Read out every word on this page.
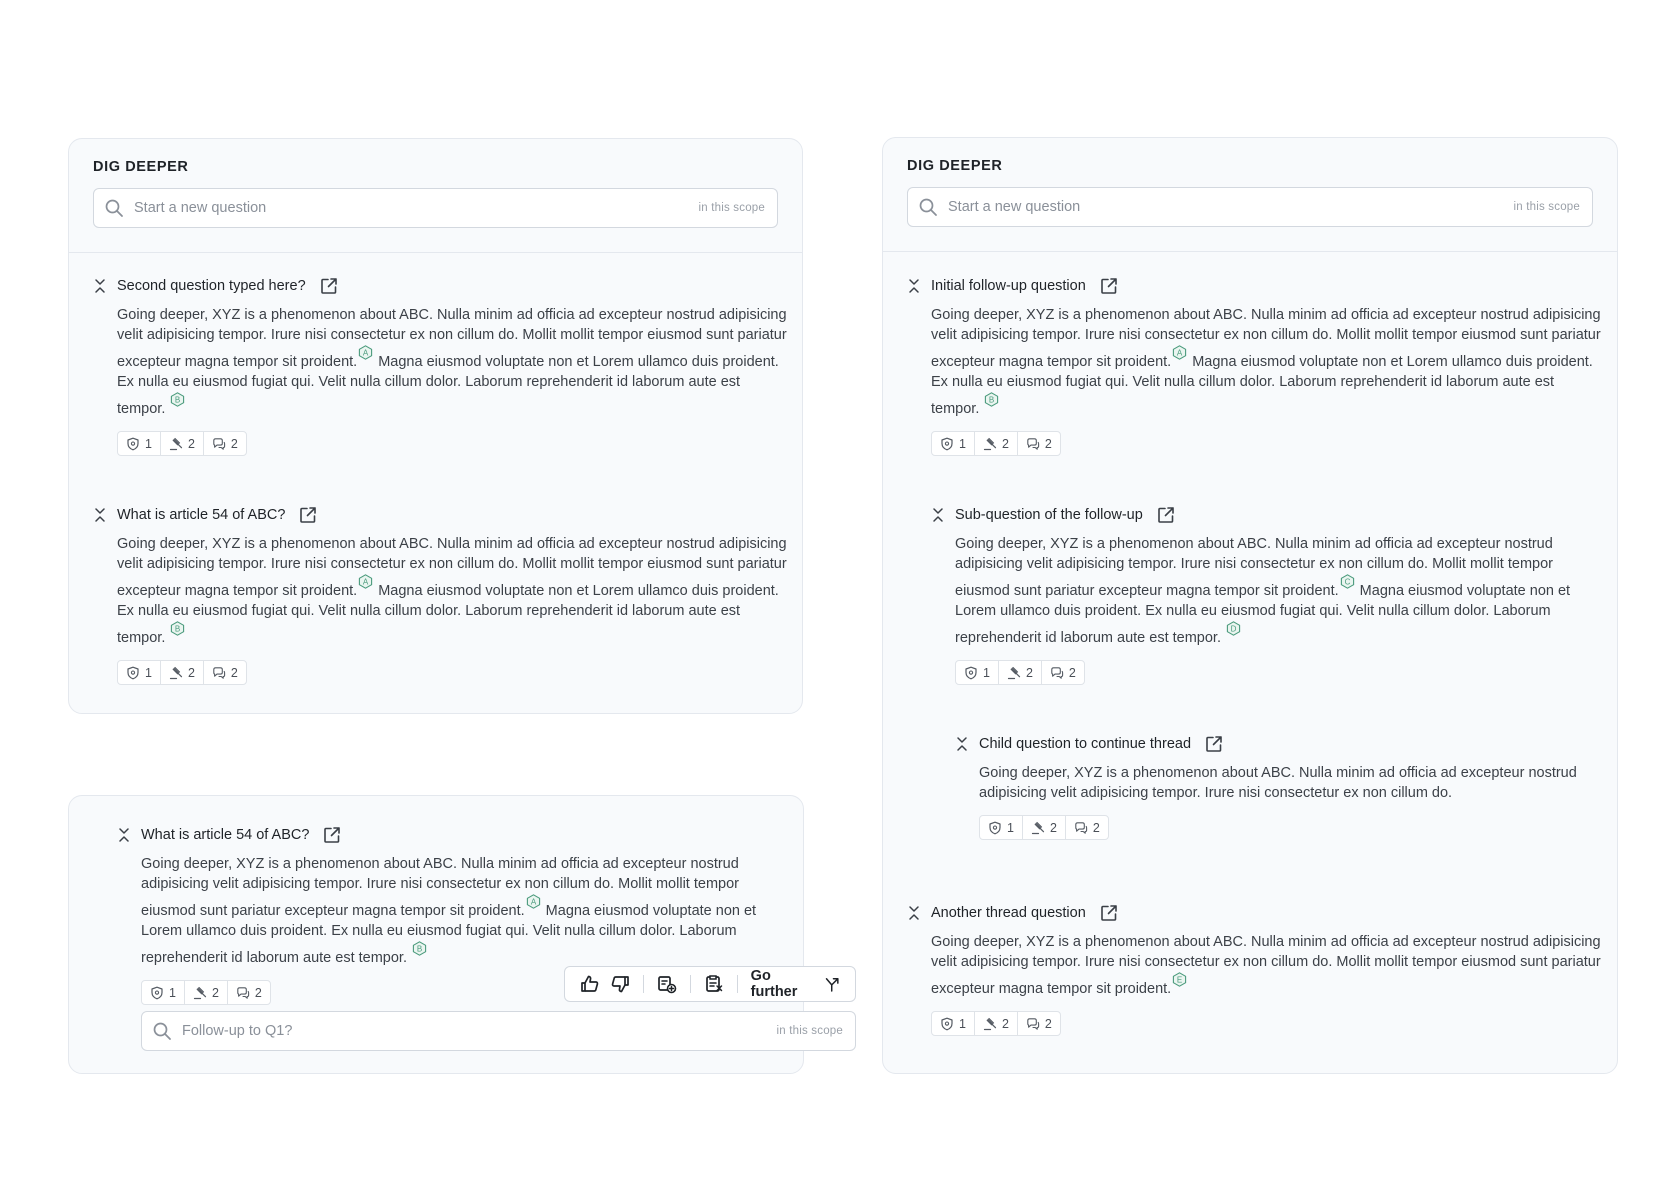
DIG DEEPER
Start a new question
in this scope
Second question typed here?
Going deeper, XYZ is a phenomenon about ABC. Nulla minim ad officia ad excepteur nostrud adipisicing velit adipisicing tempor. Irure nisi consectetur ex non cillum do. Mollit mollit tempor eiusmod sunt pariatur excepteur magna tempor sit proident.
A
Magna eiusmod voluptate non et Lorem ullamco duis proident. Ex nulla eu eiusmod fugiat qui. Velit nulla cillum dolor. Laborum reprehenderit id laborum aute est tempor.
B
1	2	2
What is article 54 of ABC?
Going deeper, XYZ is a phenomenon about ABC. Nulla minim ad officia ad excepteur nostrud adipisicing velit adipisicing tempor. Irure nisi consectetur ex non cillum do. Mollit mollit tempor eiusmod sunt pariatur excepteur magna tempor sit proident.
A
Magna eiusmod voluptate non et Lorem ullamco duis proident. Ex nulla eu eiusmod fugiat qui. Velit nulla cillum dolor. Laborum reprehenderit id laborum aute est tempor.
B
1	2	2
What is article 54 of ABC?
Going deeper, XYZ is a phenomenon about ABC. Nulla minim ad officia ad excepteur nostrud adipisicing velit adipisicing tempor. Irure nisi consectetur ex non cillum do. Mollit mollit tempor eiusmod sunt pariatur excepteur magna tempor sit proident.
A
Magna eiusmod voluptate non et Lorem ullamco duis proident. Ex nulla eu eiusmod fugiat qui. Velit nulla cillum dolor. Laborum reprehenderit id laborum aute est tempor.
B
1	2	2
Go further
Follow-up to Q1?
in this scope
DIG DEEPER
Start a new question
in this scope
Initial follow-up question
Going deeper, XYZ is a phenomenon about ABC. Nulla minim ad officia ad excepteur nostrud adipisicing velit adipisicing tempor. Irure nisi consectetur ex non cillum do. Mollit mollit tempor eiusmod sunt pariatur excepteur magna tempor sit proident.
A
Magna eiusmod voluptate non et Lorem ullamco duis proident. Ex nulla eu eiusmod fugiat qui. Velit nulla cillum dolor. Laborum reprehenderit id laborum aute est tempor.
B
1	2	2
Sub-question of the follow-up
Going deeper, XYZ is a phenomenon about ABC. Nulla minim ad officia ad excepteur nostrud adipisicing velit adipisicing tempor. Irure nisi consectetur ex non cillum do. Mollit mollit tempor eiusmod sunt pariatur excepteur magna tempor sit proident.
C
Magna eiusmod voluptate non et Lorem ullamco duis proident. Ex nulla eu eiusmod fugiat qui. Velit nulla cillum dolor. Laborum reprehenderit id laborum aute est tempor.
D
1	2	2
Child question to continue thread
Going deeper, XYZ is a phenomenon about ABC. Nulla minim ad officia ad excepteur nostrud adipisicing velit adipisicing tempor. Irure nisi consectetur ex non cillum do.
1	2	2
Another thread question
Going deeper, XYZ is a phenomenon about ABC. Nulla minim ad officia ad excepteur nostrud adipisicing velit adipisicing tempor. Irure nisi consectetur ex non cillum do. Mollit mollit tempor eiusmod sunt pariatur excepteur magna tempor sit proident.
E
1	2	2
